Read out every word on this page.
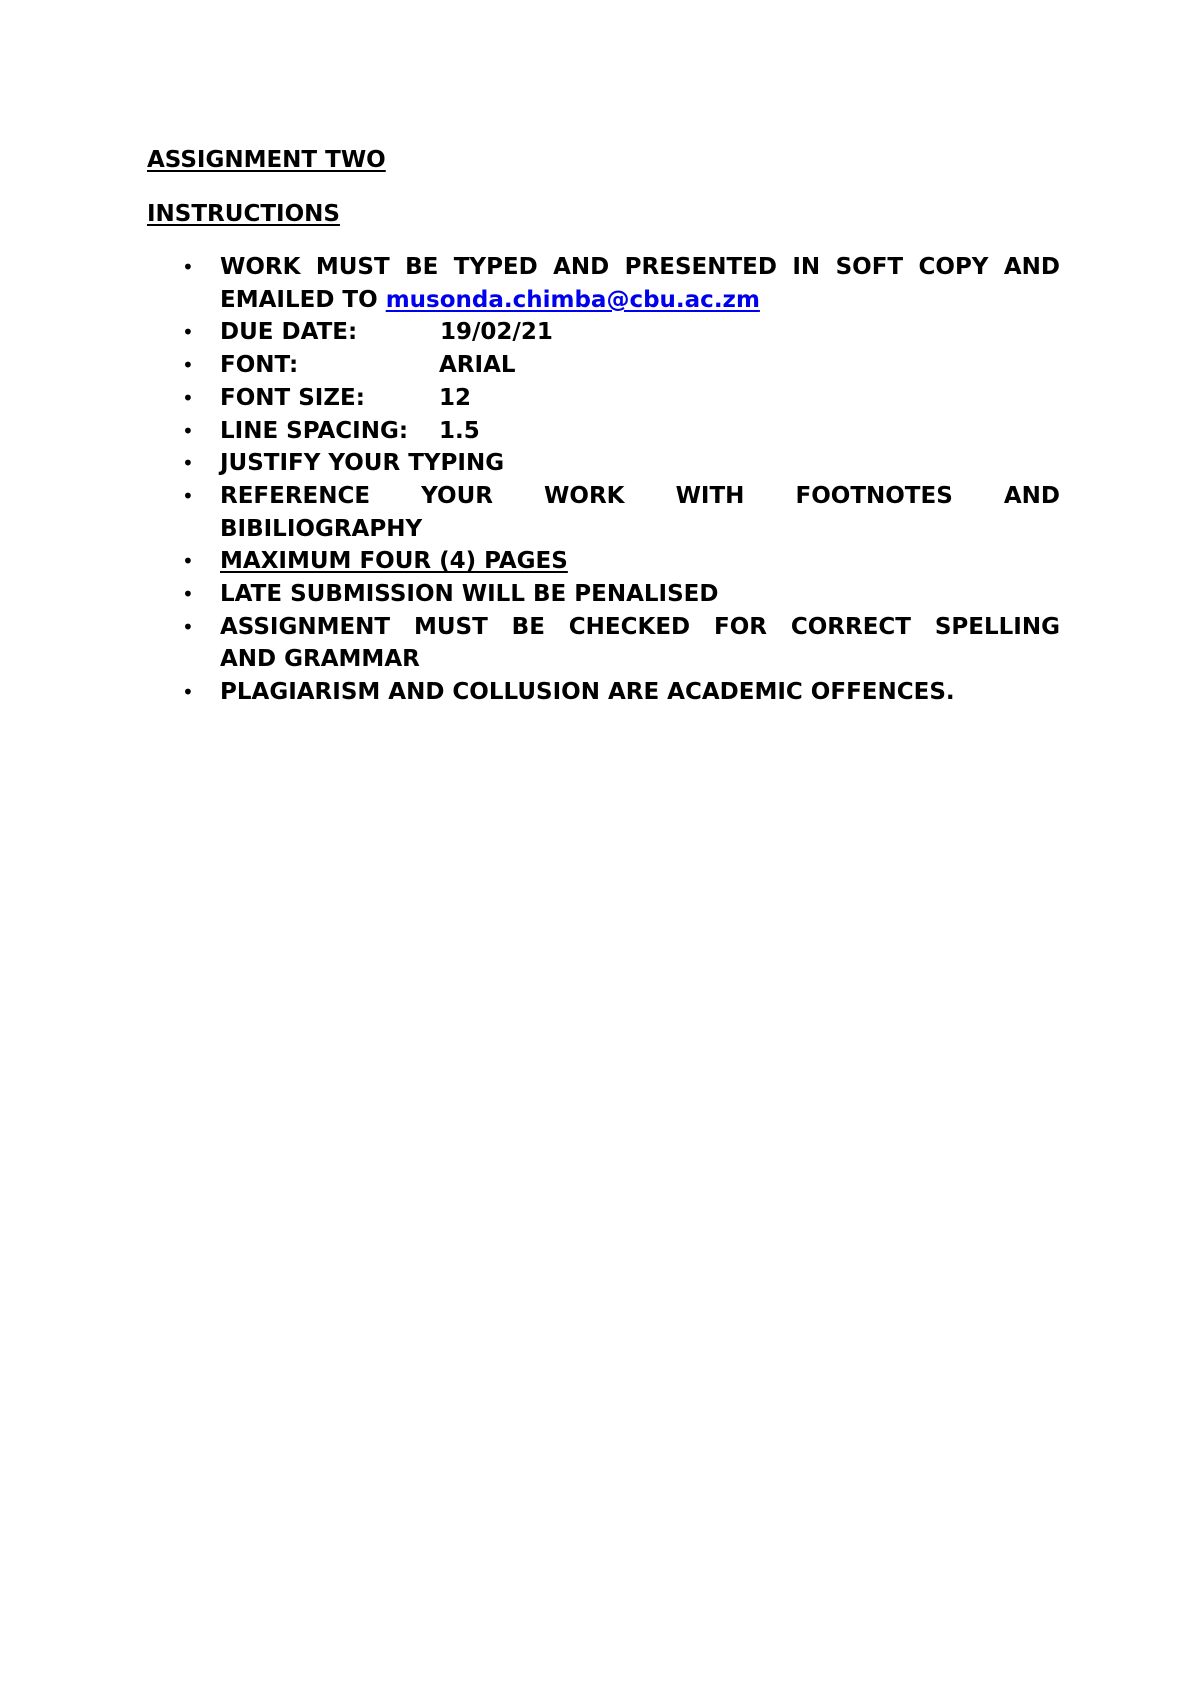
ASSIGNMENT TWO

INSTRUCTIONS

• WORK MUST BE TYPED AND PRESENTED IN SOFT COPY AND
EMAILED TO musonda.chimba@cbu.ac.zm
• DUE DATE:	19/02/21
• FONT:	ARIAL
• FONT SIZE:	12
• LINE SPACING: 1.5
• JUSTIFY YOUR TYPING
• REFERENCE YOUR WORK WITH FOOTNOTES AND
BIBILIOGRAPHY
• MAXIMUM FOUR (4) PAGES
• LATE SUBMISSION WILL BE PENALISED
• ASSIGNMENT MUST BE CHECKED FOR CORRECT SPELLING
AND GRAMMAR
• PLAGIARISM AND COLLUSION ARE ACADEMIC OFFENCES.
